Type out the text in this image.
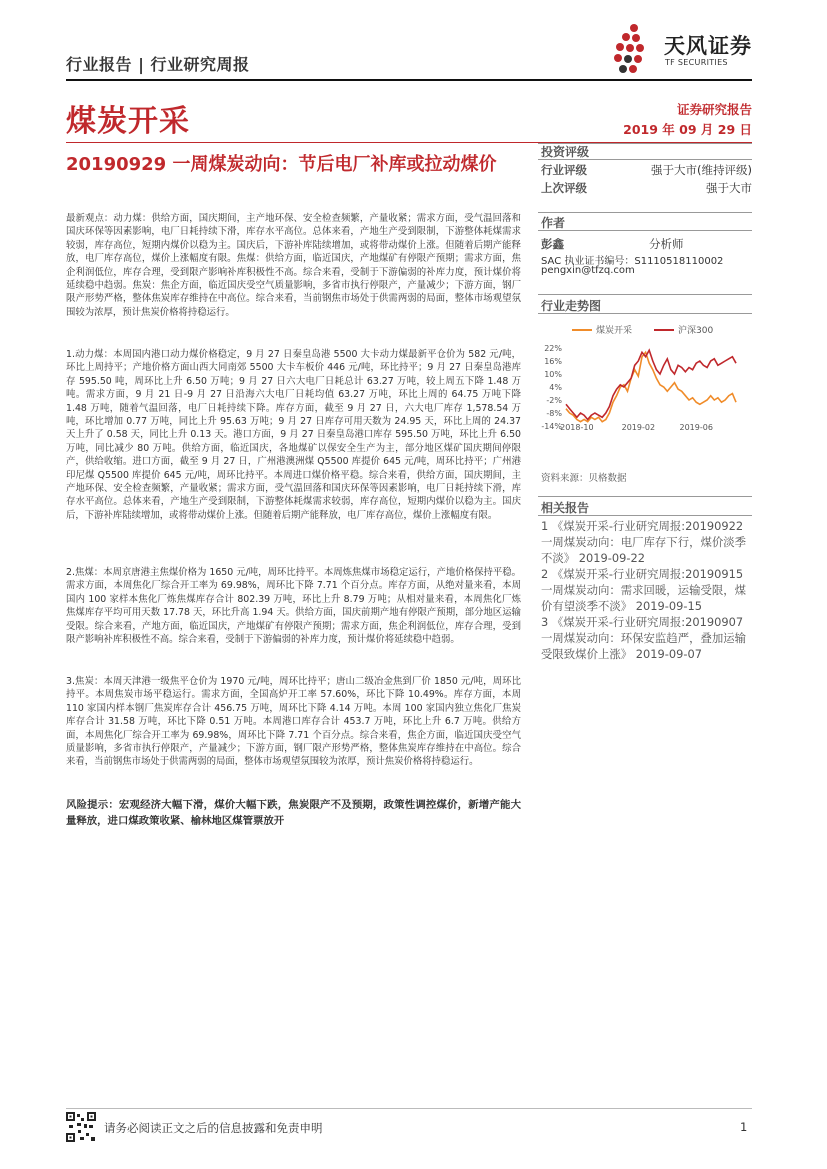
行业报告 | 行业研究周报
天风证券
TF SECURITIES
煤炭开采	证券研究报告
2019 年 09 月 29 日
20190929 一周煤炭动向：节后电厂补库或拉动煤价
投资评级
行业评级	强于大市(维持评级)
上次评级	强于大市
作者
彭鑫	分析师
SAC 执业证书编号：S1110518110002
pengxin@tfzq.com
行业走势图
煤炭开采	沪深300
22%
16%
10%
4%
-2%
-8%
-14%
2018-10	2019-02	2019-06
资料来源：贝格数据
相关报告
1 《煤炭开采-行业研究周报:20190922 一周煤炭动向：电厂库存下行，煤价淡季不淡》 2019-09-22
2 《煤炭开采-行业研究周报:20190915 一周煤炭动向：需求回暖，运输受限，煤价有望淡季不淡》 2019-09-15
3 《煤炭开采-行业研究周报:20190907 一周煤炭动向：环保安监趋严，叠加运输受限致煤价上涨》 2019-09-07
最新观点：动力煤：供给方面，国庆期间，主产地环保、安全检查频繁，产量收紧；需求方面，受气温回落和国庆环保等因素影响，电厂日耗持续下滑，库存水平高位。总体来看，产地生产受到限制，下游整体耗煤需求较弱，库存高位，短期内煤价以稳为主。国庆后，下游补库陆续增加，或将带动煤价上涨。但随着后期产能释放，电厂库存高位，煤价上涨幅度有限。焦煤：供给方面，临近国庆，产地煤矿有停限产预期；需求方面，焦企利润低位，库存合理，受到限产影响补库积极性不高。综合来看，受制于下游偏弱的补库力度，预计煤价将延续稳中趋弱。焦炭：焦企方面，临近国庆受空气质量影响，多省市执行停限产，产量减少；下游方面，钢厂限产形势严格，整体焦炭库存维持在中高位。综合来看，当前钢焦市场处于供需两弱的局面，整体市场观望氛围较为浓厚，预计焦炭价格将持稳运行。
1.动力煤：本周国内港口动力煤价格稳定，9 月 27 日秦皇岛港 5500 大卡动力煤最新平仓价为 582 元/吨，环比上周持平；产地价格方面山西大同南郊 5500 大卡车板价 446 元/吨，环比持平；9 月 27 日秦皇岛港库存 595.50 吨，周环比上升 6.50 万吨；9 月 27 日六大电厂日耗总计 63.27 万吨，较上周五下降 1.48 万吨。需求方面，9 月 21 日-9 月 27 日沿海六大电厂日耗均值 63.27 万吨，环比上周的 64.75 万吨下降 1.48 万吨，随着气温回落，电厂日耗持续下降。库存方面，截至 9 月 27 日，六大电厂库存 1,578.54 万吨，环比增加 0.77 万吨，同比上升 95.63 万吨；9 月 27 日库存可用天数为 24.95 天，环比上周的 24.37 天上升了 0.58 天，同比上升 0.13 天。港口方面，9 月 27 日秦皇岛港口库存 595.50 万吨，环比上升 6.50 万吨，同比减少 80 万吨。供给方面，临近国庆，各地煤矿以保安全生产为主，部分地区煤矿国庆期间停限产，供给收缩。进口方面，截至 9 月 27 日，广州港澳洲煤 Q5500 库提价 645 元/吨，周环比持平；广州港印尼煤 Q5500 库提价 645 元/吨，周环比持平。本周进口煤价格平稳。综合来看，供给方面，国庆期间，主产地环保、安全检查频繁，产量收紧；需求方面，受气温回落和国庆环保等因素影响，电厂日耗持续下滑，库存水平高位。总体来看，产地生产受到限制，下游整体耗煤需求较弱，库存高位，短期内煤价以稳为主。国庆后，下游补库陆续增加，或将带动煤价上涨。但随着后期产能释放，电厂库存高位，煤价上涨幅度有限。
2.焦煤：本周京唐港主焦煤价格为 1650 元/吨，周环比持平。本周炼焦煤市场稳定运行，产地价格保持平稳。需求方面，本周焦化厂综合开工率为 69.98%，周环比下降 7.71 个百分点。库存方面，从绝对量来看，本周国内 100 家样本焦化厂炼焦煤库存合计 802.39 万吨，环比上升 8.79 万吨；从相对量来看，本周焦化厂炼焦煤库存平均可用天数 17.78 天，环比升高 1.94 天。供给方面，国庆前期产地有停限产预期，部分地区运输受限。综合来看，产地方面，临近国庆，产地煤矿有停限产预期；需求方面，焦企利润低位，库存合理，受到限产影响补库积极性不高。综合来看，受制于下游偏弱的补库力度，预计煤价将延续稳中趋弱。
3.焦炭：本周天津港一级焦平仓价为 1970 元/吨，周环比持平；唐山二级冶金焦到厂价 1850 元/吨，周环比持平。本周焦炭市场平稳运行。需求方面，全国高炉开工率 57.60%，环比下降 10.49%。库存方面，本周 110 家国内样本钢厂焦炭库存合计 456.75 万吨，周环比下降 4.14 万吨。本周 100 家国内独立焦化厂焦炭库存合计 31.58 万吨，环比下降 0.51 万吨。本周港口库存合计 453.7 万吨，环比上升 6.7 万吨。供给方面，本周焦化厂综合开工率为 69.98%，周环比下降 7.71 个百分点。综合来看，焦企方面，临近国庆受空气质量影响，多省市执行停限产，产量减少；下游方面，钢厂限产形势严格，整体焦炭库存维持在中高位。综合来看，当前钢焦市场处于供需两弱的局面，整体市场观望氛围较为浓厚，预计焦炭价格将持稳运行。
风险提示：宏观经济大幅下滑，煤价大幅下跌，焦炭限产不及预期，政策性调控煤价，新增产能大量释放，进口煤政策收紧、榆林地区煤管票放开
请务必阅读正文之后的信息披露和免责申明	1
